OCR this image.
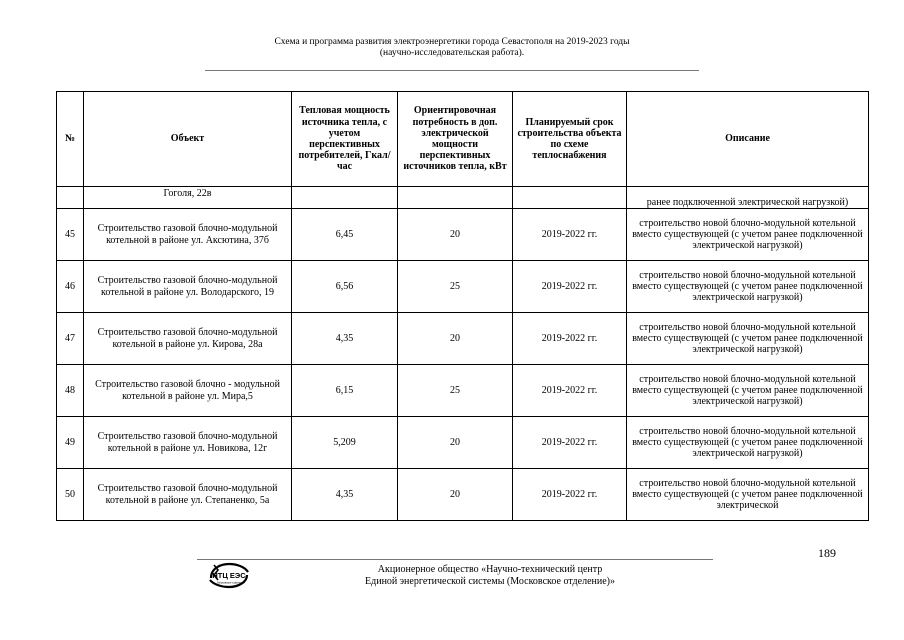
Схема и программа развития электроэнергетики города Севастополя на 2019-2023 годы
(научно-исследовательская работа).
№	Объект	Тепловая мощность источника тепла, с учетом перспективных потребителей, Гкал/час	Ориентировочная потребность в доп. электрической мощности перспективных источников тепла, кВт	Планируемый срок строительства объекта по схеме теплоснабжения	Описание
	Гоголя, 22в				ранее подключенной электрической нагрузкой)
45	Строительство газовой блочно-модульной котельной в районе ул. Аксютина, 37б	6,45	20	2019-2022 гг.	строительство новой блочно-модульной котельной вместо существующей (с учетом ранее подключенной электрической нагрузкой)
46	Строительство газовой блочно-модульной котельной в районе ул. Володарского, 19	6,56	25	2019-2022 гг.	строительство новой блочно-модульной котельной вместо существующей (с учетом ранее подключенной электрической нагрузкой)
47	Строительство газовой блочно-модульной котельной в районе ул. Кирова, 28а	4,35	20	2019-2022 гг.	строительство новой блочно-модульной котельной вместо существующей (с учетом ранее подключенной электрической нагрузкой)
48	Строительство газовой блочно - модульной котельной в районе ул. Мира,5	6,15	25	2019-2022 гг.	строительство новой блочно-модульной котельной вместо существующей (с учетом ранее подключенной электрической нагрузкой)
49	Строительство газовой блочно-модульной котельной в районе ул. Новикова, 12г	5,209	20	2019-2022 гг.	строительство новой блочно-модульной котельной вместо существующей (с учетом ранее подключенной электрической нагрузкой)
50	Строительство газовой блочно-модульной котельной в районе ул. Степаненко, 5а	4,35	20	2019-2022 гг.	строительство новой блочно-модульной котельной вместо существующей (с учетом ранее подключенной электрической
189
НТЦ ЕЭС
Московское отделение
Акционерное общество «Научно-технический центр
Единой энергетической системы (Московское отделение)»
